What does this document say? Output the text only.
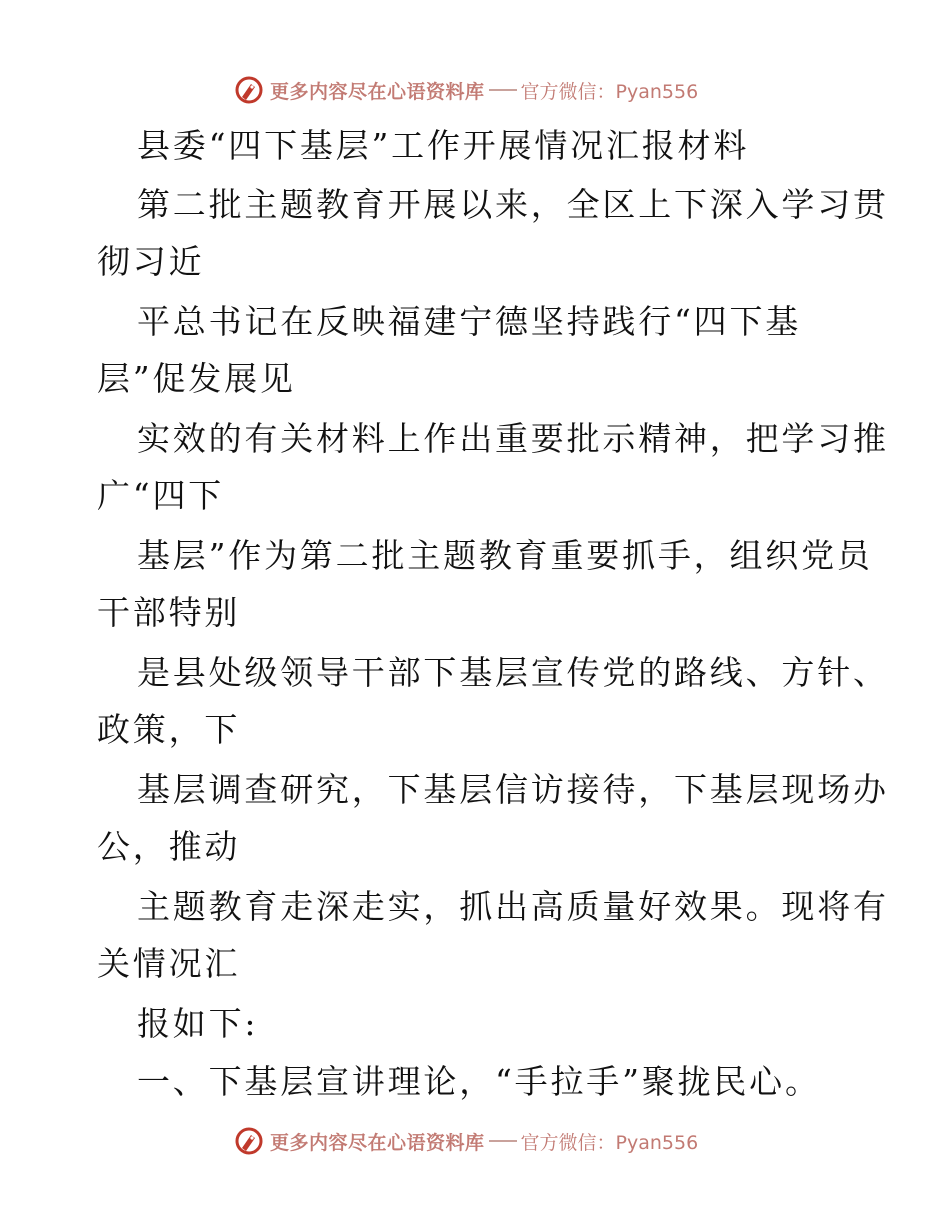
更多内容尽在心语资料库 官方微信：Pyan556
县委“四下基层”工作开展情况汇报材料
第二批主题教育开展以来，全区上下深入学习贯
彻习近
平总书记在反映福建宁德坚持践行“四下基
层”促发展见
实效的有关材料上作出重要批示精神，把学习推
广“四下
基层”作为第二批主题教育重要抓手，组织党员
干部特别
是县处级领导干部下基层宣传党的路线、方针、
政策，下
基层调查研究，下基层信访接待，下基层现场办
公，推动
主题教育走深走实，抓出高质量好效果。现将有
关情况汇
报如下:
一、下基层宣讲理论，“手拉手”聚拢民心。
更多内容尽在心语资料库 官方微信：Pyan556
